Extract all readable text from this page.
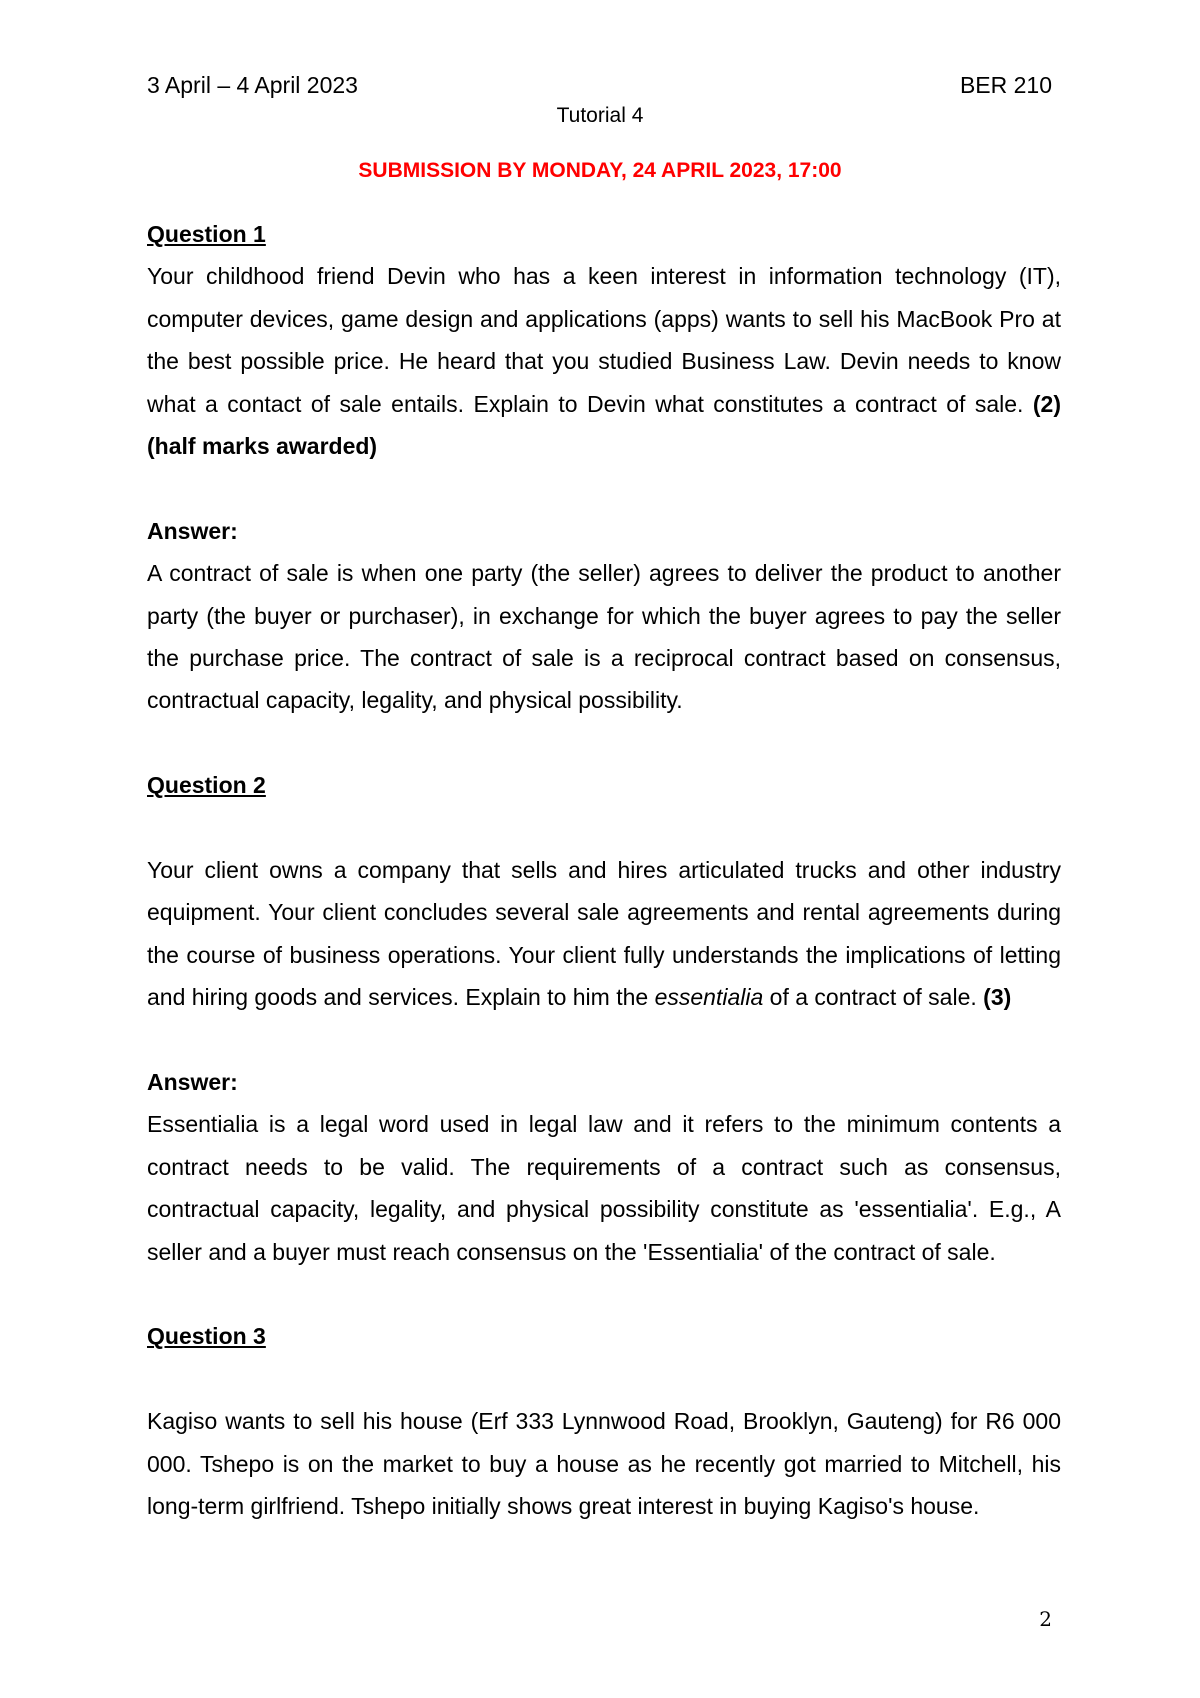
3 April – 4 April 2023	BER 210
Tutorial 4
SUBMISSION BY MONDAY, 24 APRIL 2023, 17:00

Question 1

Your childhood friend Devin who has a keen interest in information technology (IT), computer devices, game design and applications (apps) wants to sell his MacBook Pro at the best possible price. He heard that you studied Business Law. Devin needs to know what a contact of sale entails. Explain to Devin what constitutes a contract of sale. (2) (half marks awarded)

Answer:

A contract of sale is when one party (the seller) agrees to deliver the product to another party (the buyer or purchaser), in exchange for which the buyer agrees to pay the seller the purchase price. The contract of sale is a reciprocal contract based on consensus, contractual capacity, legality, and physical possibility.

Question 2

Your client owns a company that sells and hires articulated trucks and other industry equipment. Your client concludes several sale agreements and rental agreements during the course of business operations. Your client fully understands the implications of letting and hiring goods and services. Explain to him the essentialia of a contract of sale. (3)

Answer:

Essentialia is a legal word used in legal law and it refers to the minimum contents a contract needs to be valid. The requirements of a contract such as consensus, contractual capacity, legality, and physical possibility constitute as 'essentialia'. E.g., A seller and a buyer must reach consensus on the 'Essentialia' of the contract of sale.

Question 3

Kagiso wants to sell his house (Erf 333 Lynnwood Road, Brooklyn, Gauteng) for R6 000 000. Tshepo is on the market to buy a house as he recently got married to Mitchell, his long-term girlfriend. Tshepo initially shows great interest in buying Kagiso's house.

2
